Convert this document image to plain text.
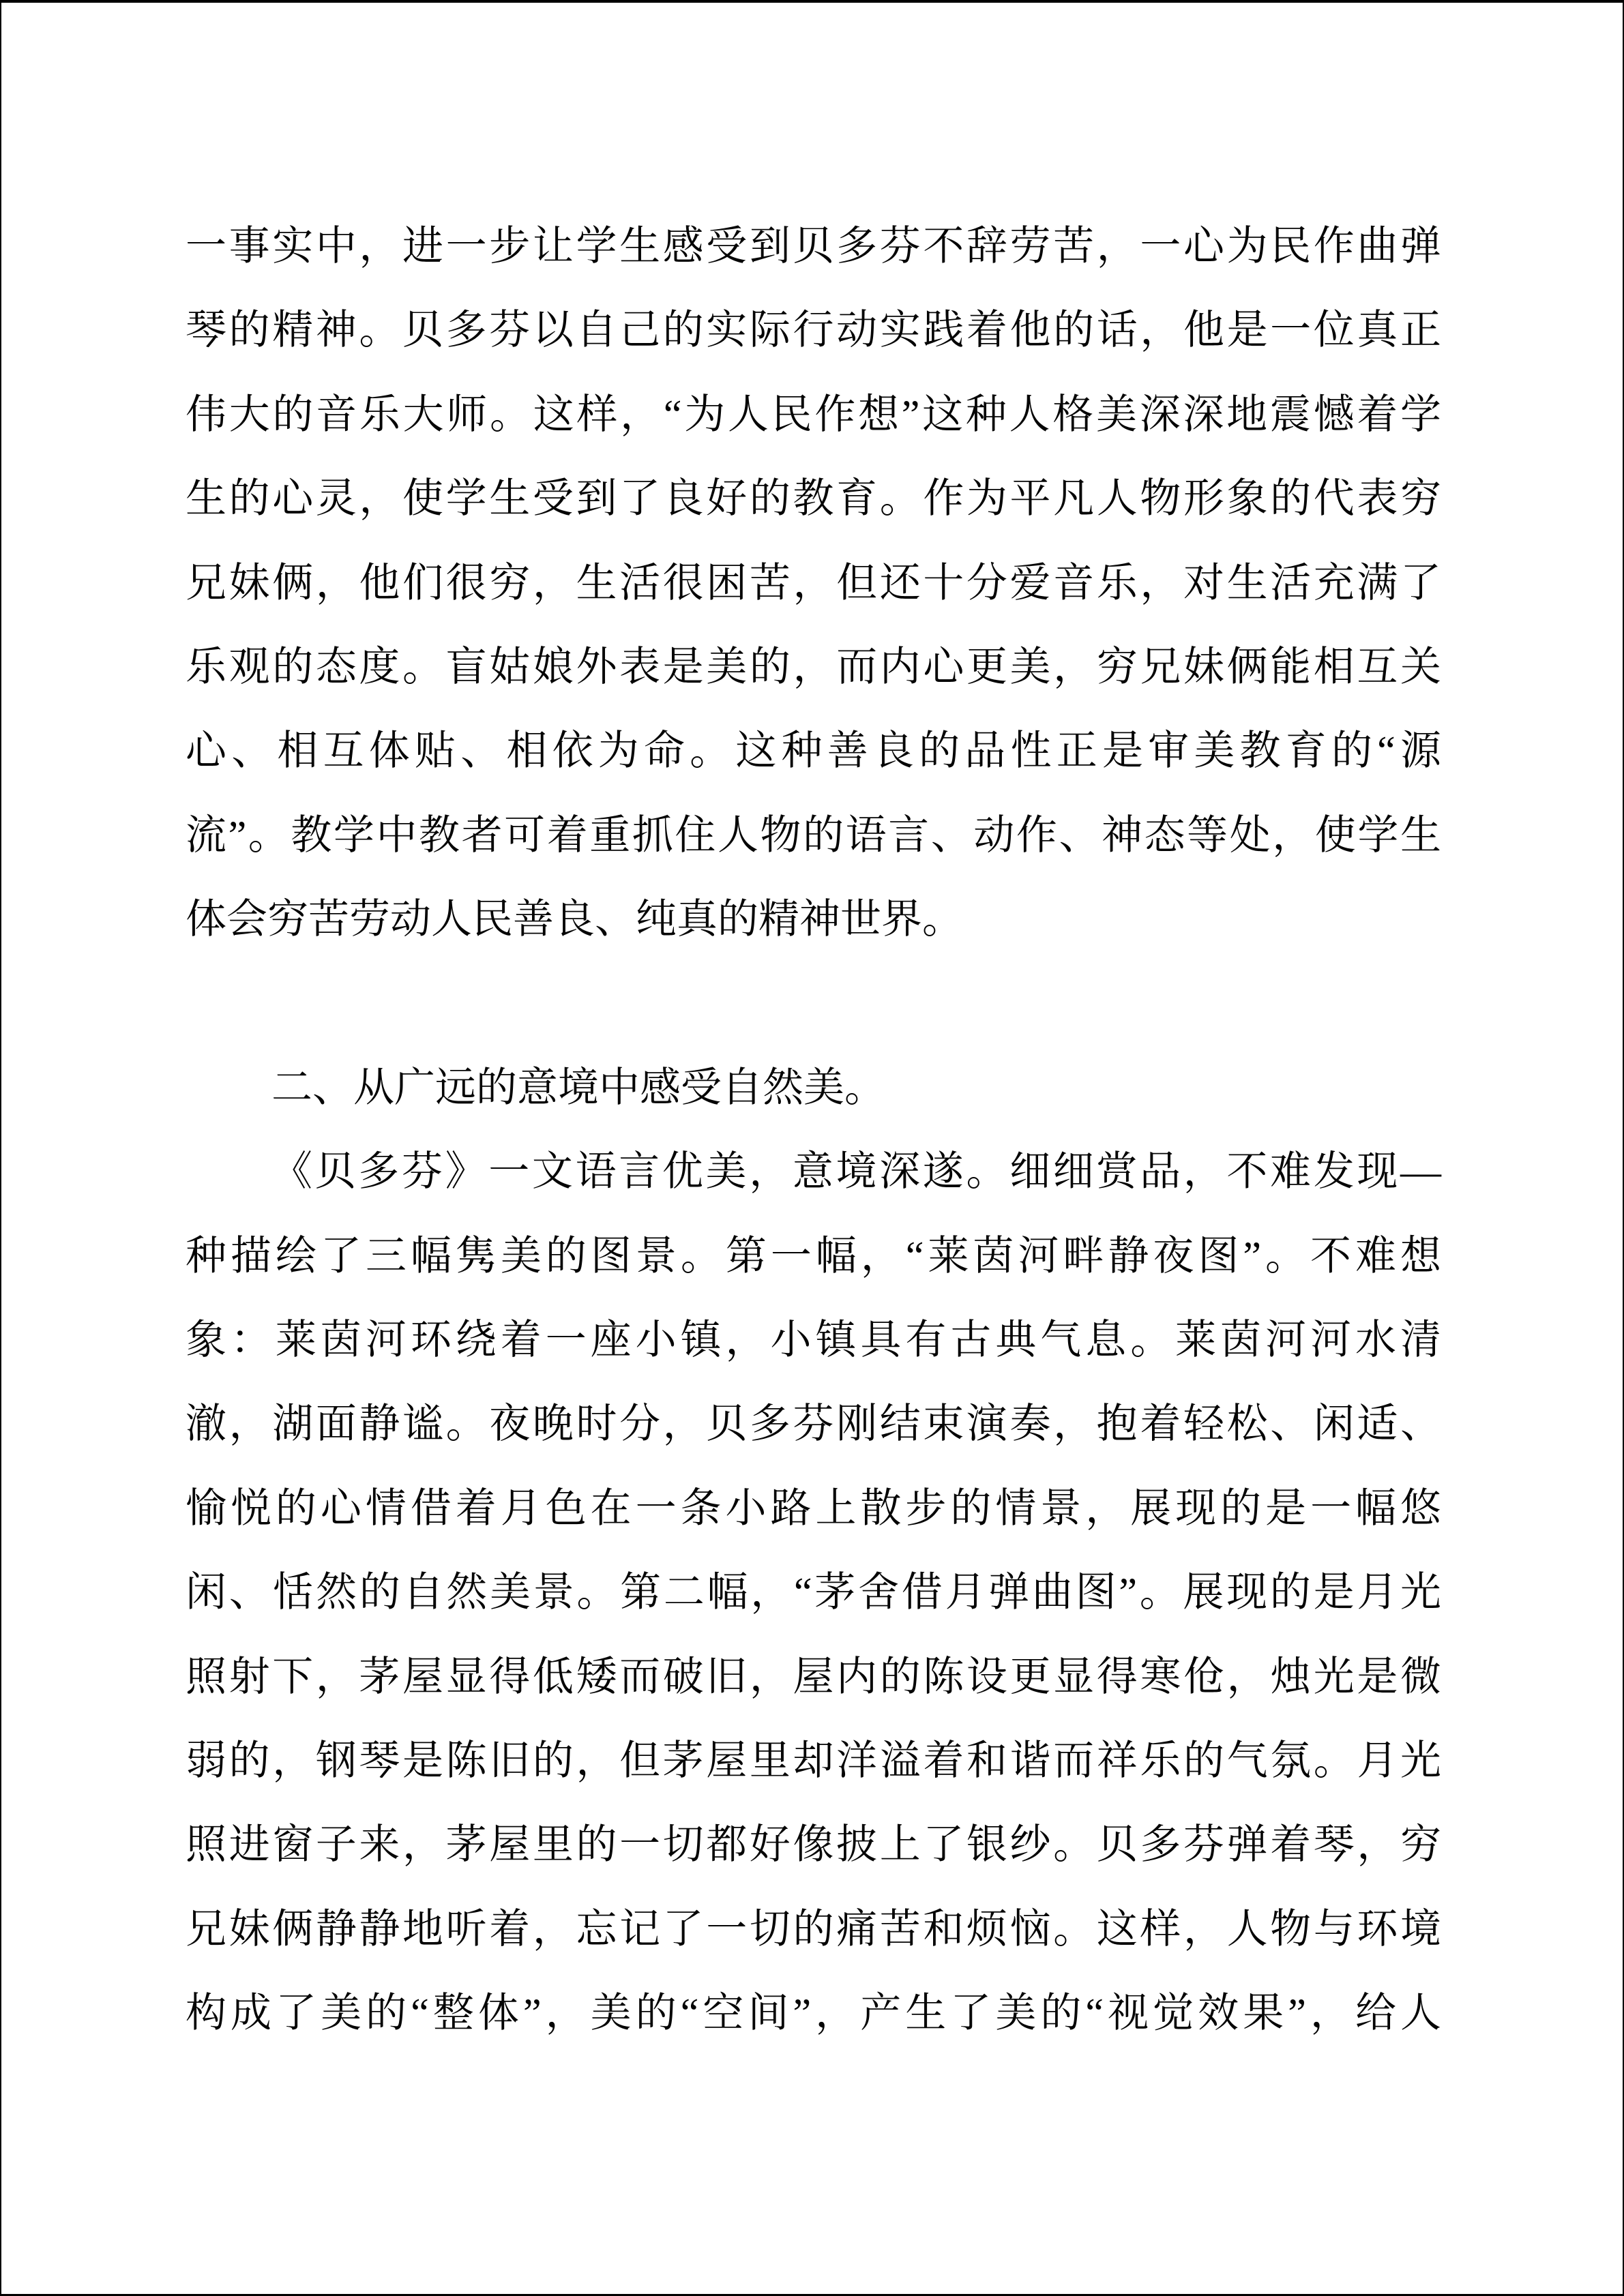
一事实中，进一步让学生感受到贝多芬不辞劳苦，一心为民作曲弹
琴的精神。贝多芬以自己的实际行动实践着他的话，他是一位真正
伟大的音乐大师。这样，“为人民作想”这种人格美深深地震憾着学
生的心灵，使学生受到了良好的教育。作为平凡人物形象的代表穷
兄妹俩，他们很穷，生活很困苦，但还十分爱音乐，对生活充满了
乐观的态度。盲姑娘外表是美的，而内心更美，穷兄妹俩能相互关
心、相互体贴、相依为命。这种善良的品性正是审美教育的“源
流”。教学中教者可着重抓住人物的语言、动作、神态等处，使学生
体会穷苦劳动人民善良、纯真的精神世界。
二、从广远的意境中感受自然美。
《贝多芬》一文语言优美，意境深遂。细细赏品，不难发现—
种描绘了三幅隽美的图景。第一幅，“莱茵河畔静夜图”。不难想
象：莱茵河环绕着一座小镇，小镇具有古典气息。莱茵河河水清
澈，湖面静谧。夜晚时分，贝多芬刚结束演奏，抱着轻松、闲适、
愉悦的心情借着月色在一条小路上散步的情景，展现的是一幅悠
闲、恬然的自然美景。第二幅，“茅舍借月弹曲图”。展现的是月光
照射下，茅屋显得低矮而破旧，屋内的陈设更显得寒伧，烛光是微
弱的，钢琴是陈旧的，但茅屋里却洋溢着和谐而祥乐的气氛。月光
照进窗子来，茅屋里的一切都好像披上了银纱。贝多芬弹着琴，穷
兄妹俩静静地听着，忘记了一切的痛苦和烦恼。这样，人物与环境
构成了美的“整体”，美的“空间”，产生了美的“视觉效果”，给人
